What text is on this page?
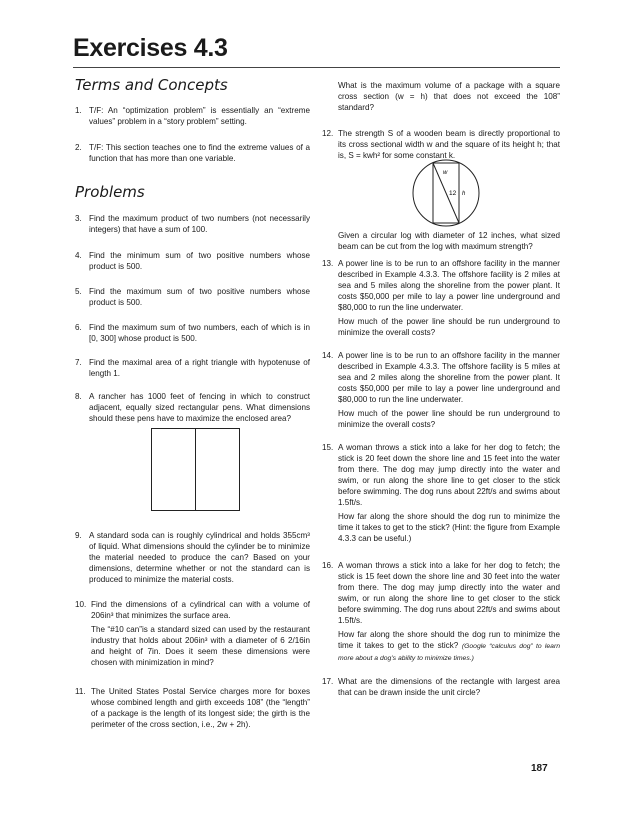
Exercises 4.3
Terms and Concepts
1. T/F: An “optimization problem” is essentially an “extreme values” problem in a “story problem” setting.

2. T/F: This section teaches one to find the extreme values of a function that has more than one variable.

Problems
3. Find the maximum product of two numbers (not necessarily integers) that have a sum of 100.

4. Find the minimum sum of two positive numbers whose product is 500.

5. Find the maximum sum of two positive numbers whose product is 500.

6. Find the maximum sum of two numbers, each of which is in [0, 300] whose product is 500.

7. Find the maximal area of a right triangle with hypotenuse of length 1.

8. A rancher has 1000 feet of fencing in which to construct adjacent, equally sized rectangular pens. What dimensions should these pens have to maximize the enclosed area?

9. A standard soda can is roughly cylindrical and holds 355cm³ of liquid. What dimensions should the cylinder be to minimize the material needed to produce the can? Based on your dimensions, determine whether or not the standard can is produced to minimize the material costs.

10. Find the dimensions of a cylindrical can with a volume of 206in³ that minimizes the surface area.

The “#10 can”is a standard sized can used by the restaurant industry that holds about 206in³ with a diameter of 6 2/16in and height of 7in. Does it seem these dimensions were chosen with minimization in mind?

11. The United States Postal Service charges more for boxes whose combined length and girth exceeds 108” (the “length” of a package is the length of its longest side; the girth is the perimeter of the cross section, i.e., 2w + 2h).

What is the maximum volume of a package with a square cross section (w = h) that does not exceed the 108” standard?

12. The strength S of a wooden beam is directly proportional to its cross sectional width w and the square of its height h; that is, S = kwh² for some constant k.

w
12 h

Given a circular log with diameter of 12 inches, what sized beam can be cut from the log with maximum strength?

13. A power line is to be run to an offshore facility in the manner described in Example 4.3.3. The offshore facility is 2 miles at sea and 5 miles along the shoreline from the power plant. It costs $50,000 per mile to lay a power line underground and $80,000 to run the line underwater.

How much of the power line should be run underground to minimize the overall costs?

14. A power line is to be run to an offshore facility in the manner described in Example 4.3.3. The offshore facility is 5 miles at sea and 2 miles along the shoreline from the power plant. It costs $50,000 per mile to lay a power line underground and $80,000 to run the line underwater.

How much of the power line should be run underground to minimize the overall costs?

15. A woman throws a stick into a lake for her dog to fetch; the stick is 20 feet down the shore line and 15 feet into the water from there. The dog may jump directly into the water and swim, or run along the shore line to get closer to the stick before swimming. The dog runs about 22ft/s and swims about 1.5ft/s.

How far along the shore should the dog run to minimize the time it takes to get to the stick? (Hint: the figure from Example 4.3.3 can be useful.)

16. A woman throws a stick into a lake for her dog to fetch; the stick is 15 feet down the shore line and 30 feet into the water from there. The dog may jump directly into the water and swim, or run along the shore line to get closer to the stick before swimming. The dog runs about 22ft/s and swims about 1.5ft/s.

How far along the shore should the dog run to minimize the time it takes to get to the stick? (Google “calculus dog” to learn more about a dog’s ability to minimize times.)

17. What are the dimensions of the rectangle with largest area that can be drawn inside the unit circle?

187
